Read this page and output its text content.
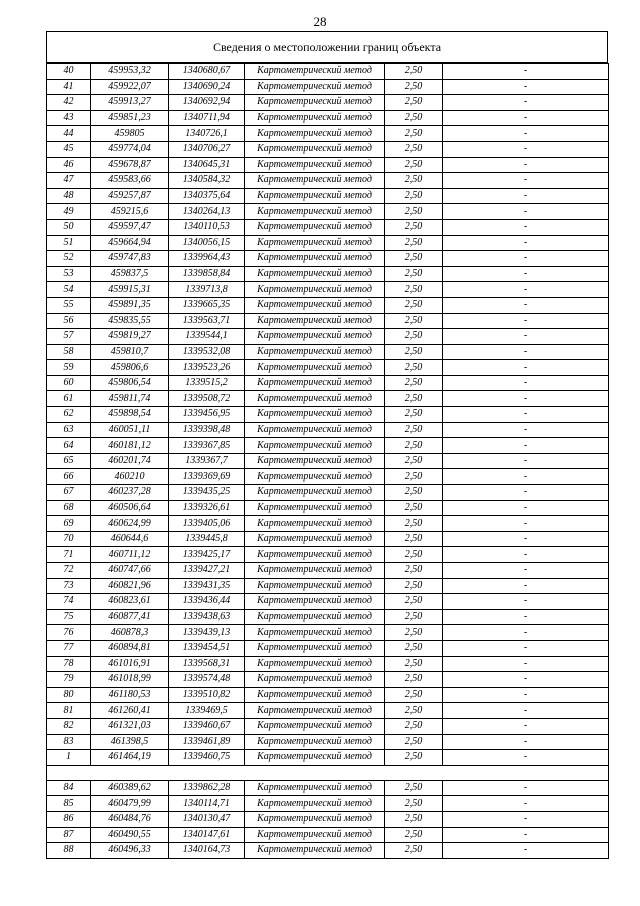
28
Сведения о местоположении границ объекта
40	459953,32	1340680,67	Картометрический метод	2,50	-
41	459922,07	1340690,24	Картометрический метод	2,50	-
42	459913,27	1340692,94	Картометрический метод	2,50	-
43	459851,23	1340711,94	Картометрический метод	2,50	-
44	459805	1340726,1	Картометрический метод	2,50	-
45	459774,04	1340706,27	Картометрический метод	2,50	-
46	459678,87	1340645,31	Картометрический метод	2,50	-
47	459583,66	1340584,32	Картометрический метод	2,50	-
48	459257,87	1340375,64	Картометрический метод	2,50	-
49	459215,6	1340264,13	Картометрический метод	2,50	-
50	459597,47	1340110,53	Картометрический метод	2,50	-
51	459664,94	1340056,15	Картометрический метод	2,50	-
52	459747,83	1339964,43	Картометрический метод	2,50	-
53	459837,5	1339858,84	Картометрический метод	2,50	-
54	459915,31	1339713,8	Картометрический метод	2,50	-
55	459891,35	1339665,35	Картометрический метод	2,50	-
56	459835,55	1339563,71	Картометрический метод	2,50	-
57	459819,27	1339544,1	Картометрический метод	2,50	-
58	459810,7	1339532,08	Картометрический метод	2,50	-
59	459806,6	1339523,26	Картометрический метод	2,50	-
60	459806,54	1339515,2	Картометрический метод	2,50	-
61	459811,74	1339508,72	Картометрический метод	2,50	-
62	459898,54	1339456,95	Картометрический метод	2,50	-
63	460051,11	1339398,48	Картометрический метод	2,50	-
64	460181,12	1339367,85	Картометрический метод	2,50	-
65	460201,74	1339367,7	Картометрический метод	2,50	-
66	460210	1339369,69	Картометрический метод	2,50	-
67	460237,28	1339435,25	Картометрический метод	2,50	-
68	460506,64	1339326,61	Картометрический метод	2,50	-
69	460624,99	1339405,06	Картометрический метод	2,50	-
70	460644,6	1339445,8	Картометрический метод	2,50	-
71	460711,12	1339425,17	Картометрический метод	2,50	-
72	460747,66	1339427,21	Картометрический метод	2,50	-
73	460821,96	1339431,35	Картометрический метод	2,50	-
74	460823,61	1339436,44	Картометрический метод	2,50	-
75	460877,41	1339438,63	Картометрический метод	2,50	-
76	460878,3	1339439,13	Картометрический метод	2,50	-
77	460894,81	1339454,51	Картометрический метод	2,50	-
78	461016,91	1339568,31	Картометрический метод	2,50	-
79	461018,99	1339574,48	Картометрический метод	2,50	-
80	461180,53	1339510,82	Картометрический метод	2,50	-
81	461260,41	1339469,5	Картометрический метод	2,50	-
82	461321,03	1339460,67	Картометрический метод	2,50	-
83	461398,5	1339461,89	Картометрический метод	2,50	-
1	461464,19	1339460,75	Картометрический метод	2,50	-

84	460389,62	1339862,28	Картометрический метод	2,50	-
85	460479,99	1340114,71	Картометрический метод	2,50	-
86	460484,76	1340130,47	Картометрический метод	2,50	-
87	460490,55	1340147,61	Картометрический метод	2,50	-
88	460496,33	1340164,73	Картометрический метод	2,50	-
